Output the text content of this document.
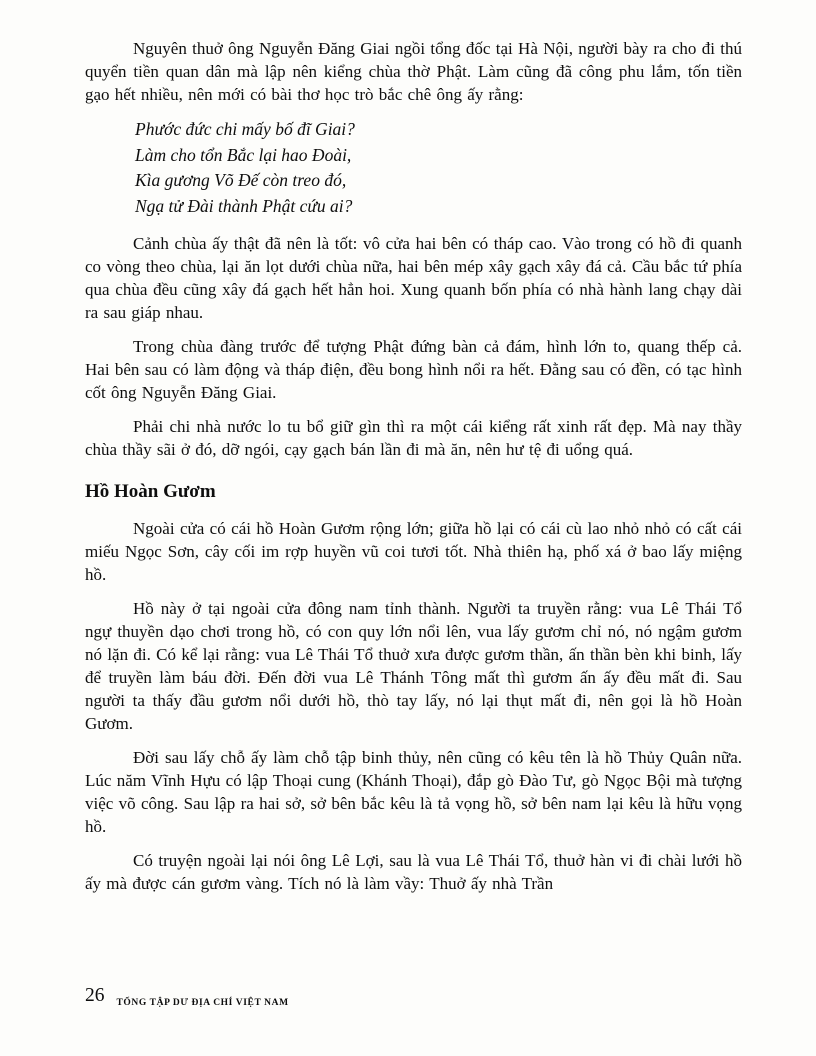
Nguyên thuở ông Nguyễn Đăng Giai ngồi tổng đốc tại Hà Nội, người bày ra cho đi thú quyển tiền quan dân mà lập nên kiểng chùa thờ Phật. Làm cũng đã công phu lắm, tốn tiền gạo hết nhiều, nên mới có bài thơ học trò bắc chê ông ấy rằng:

Phước đức chi mấy bố đĩ Giai?
Làm cho tổn Bắc lại hao Đoài,
Kìa gương Võ Đế còn treo đó,
Ngạ tử Đài thành Phật cứu ai?

Cảnh chùa ấy thật đã nên là tốt: vô cửa hai bên có tháp cao. Vào trong có hồ đi quanh co vòng theo chùa, lại ăn lọt dưới chùa nữa, hai bên mép xây gạch xây đá cả. Cầu bắc tứ phía qua chùa đều cũng xây đá gạch hết hẳn hoi. Xung quanh bốn phía có nhà hành lang chạy dài ra sau giáp nhau.

Trong chùa đàng trước để tượng Phật đứng bàn cả đám, hình lớn to, quang thếp cả. Hai bên sau có làm động và tháp điện, đều bong hình nổi ra hết. Đằng sau có đền, có tạc hình cốt ông Nguyễn Đăng Giai.

Phải chi nhà nước lo tu bổ giữ gìn thì ra một cái kiểng rất xinh rất đẹp. Mà nay thầy chùa thầy sãi ở đó, dỡ ngói, cạy gạch bán lần đi mà ăn, nên hư tệ đi uổng quá.

Hồ Hoàn Gươm

Ngoài cửa có cái hồ Hoàn Gươm rộng lớn; giữa hồ lại có cái cù lao nhỏ nhỏ có cất cái miếu Ngọc Sơn, cây cối im rợp huyền vũ coi tươi tốt. Nhà thiên hạ, phố xá ở bao lấy miệng hồ.

Hồ này ở tại ngoài cửa đông nam tỉnh thành. Người ta truyền rằng: vua Lê Thái Tổ ngự thuyền dạo chơi trong hồ, có con quy lớn nổi lên, vua lấy gươm chỉ nó, nó ngậm gươm nó lặn đi. Có kể lại rằng: vua Lê Thái Tổ thuở xưa được gươm thần, ấn thần bèn khi binh, lấy để truyền làm báu đời. Đến đời vua Lê Thánh Tông mất thì gươm ấn ấy đều mất đi. Sau người ta thấy đầu gươm nổi dưới hồ, thò tay lấy, nó lại thụt mất đi, nên gọi là hồ Hoàn Gươm.

Đời sau lấy chỗ ấy làm chỗ tập binh thủy, nên cũng có kêu tên là hồ Thủy Quân nữa. Lúc năm Vĩnh Hựu có lập Thoại cung (Khánh Thoại), đắp gò Đào Tư, gò Ngọc Bội mà tượng việc võ công. Sau lập ra hai sở, sở bên bắc kêu là tả vọng hồ, sở bên nam lại kêu là hữu vọng hồ.

Có truyện ngoài lại nói ông Lê Lợi, sau là vua Lê Thái Tổ, thuở hàn vi đi chài lưới hồ ấy mà được cán gươm vàng. Tích nó là làm vầy: Thuở ấy nhà Trần

26 TỔNG TẬP DƯ ĐỊA CHÍ VIỆT NAM
